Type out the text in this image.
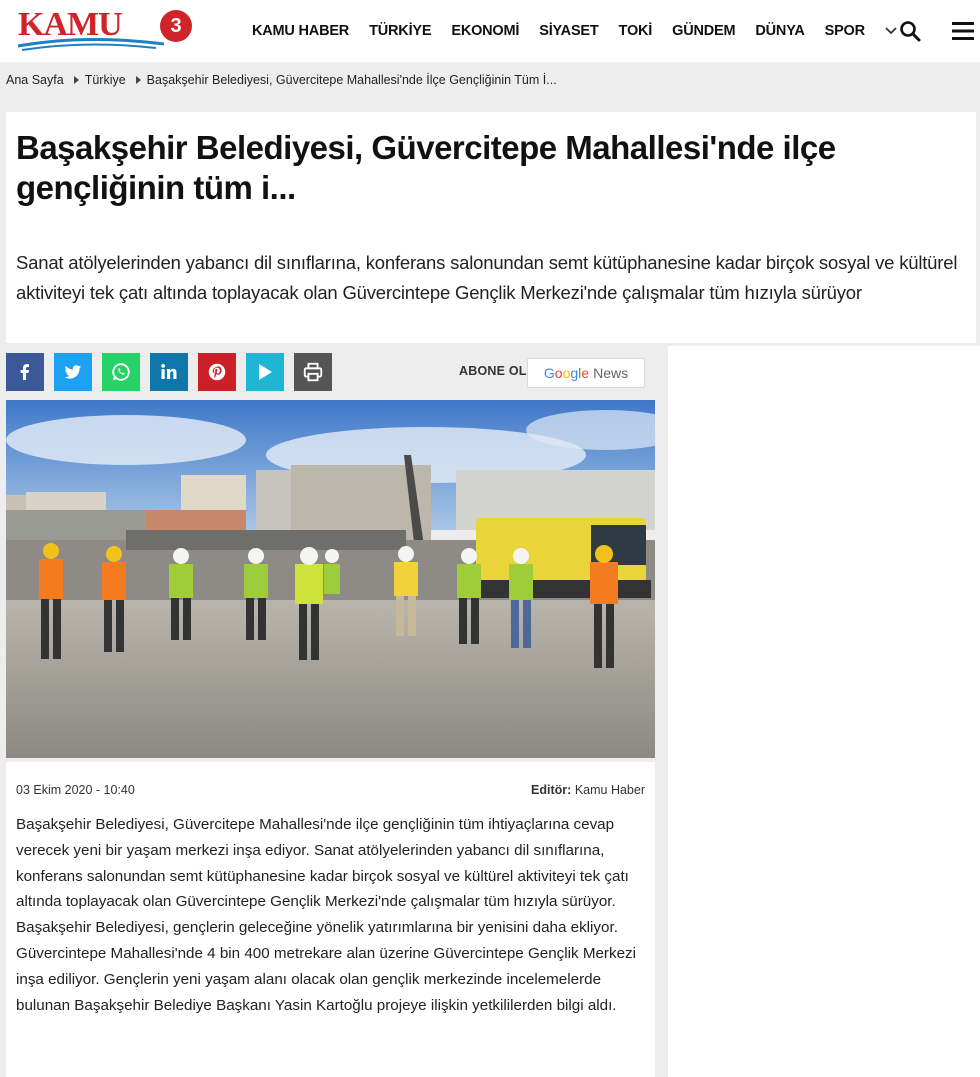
KAMU	3	KAMU HABER	TÜRKİYE	EKONOMİ	SİYASET	TOKİ	GÜNDEM	DÜNYA	SPOR
Ana Sayfa Türkiye Başakşehir Belediyesi, Güvercitepe Mahallesi'nde İlçe Gençliğinin Tüm İ...
Başakşehir Belediyesi, Güvercitepe Mahallesi'nde ilçe gençliğinin tüm i...

Sanat atölyelerinden yabancı dil sınıflarına, konferans salonundan semt kütüphanesine kadar birçok sosyal ve kültürel aktiviteyi tek çatı altında toplayacak olan Güvercintepe Gençlik Merkezi'nde çalışmalar tüm hızıyla sürüyor

ABONE OL G o o g l e News
03 Ekim 2020 - 10:40	Editör: Kamu Haber

Başakşehir Belediyesi, Güvercitepe Mahallesi'nde ilçe gençliğinin tüm ihtiyaçlarına cevap verecek yeni bir yaşam merkezi inşa ediyor. Sanat atölyelerinden yabancı dil sınıflarına, konferans salonundan semt kütüphanesine kadar birçok sosyal ve kültürel aktiviteyi tek çatı altında toplayacak olan Güvercintepe Gençlik Merkezi'nde çalışmalar tüm hızıyla sürüyor.

Başakşehir Belediyesi, gençlerin geleceğine yönelik yatırımlarına bir yenisini daha ekliyor. Güvercintepe Mahallesi'nde 4 bin 400 metrekare alan üzerine Güvercintepe Gençlik Merkezi inşa ediliyor. Gençlerin yeni yaşam alanı olacak olan gençlik merkezinde incelemelerde bulunan Başakşehir Belediye Başkanı Yasin Kartoğlu projeye ilişkin yetkililerden bilgi aldı.
